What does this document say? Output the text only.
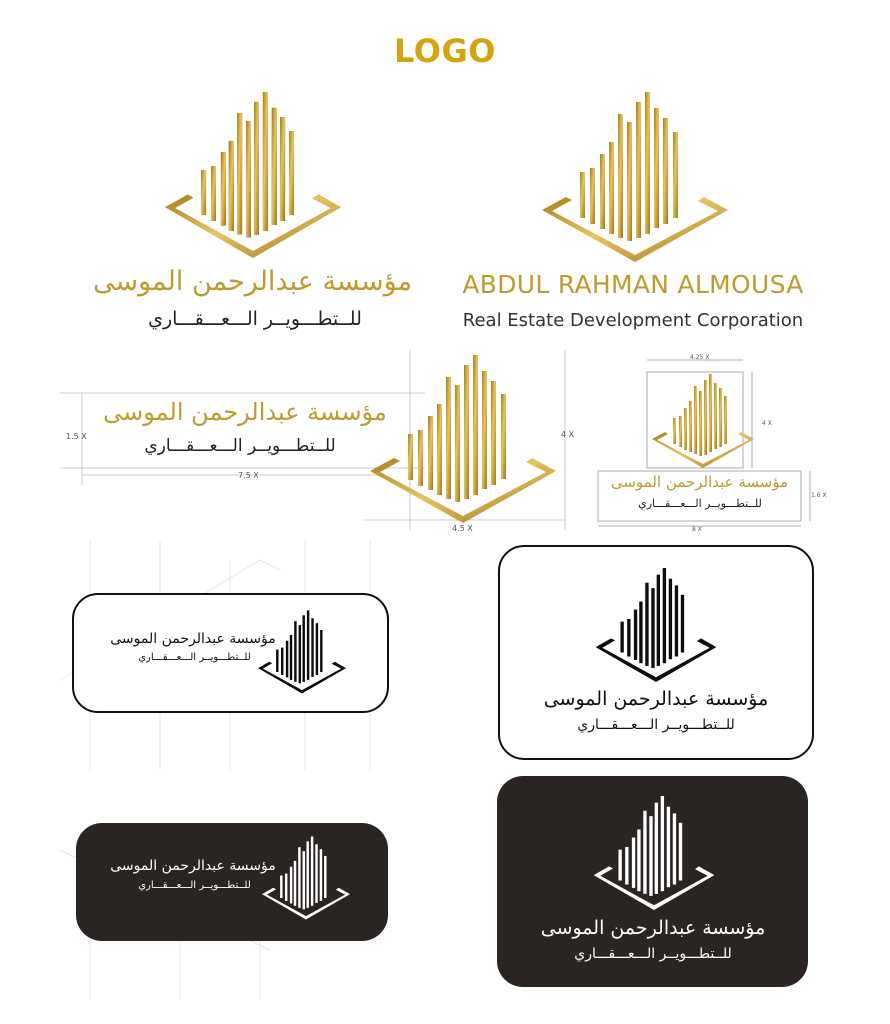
LOGO
مؤسسة عبدالرحمن الموسى
للــتطـــويــر الـــعـــقـــاري
ABDUL RAHMAN ALMOUSA
Real Estate Development Corporation
1.5 X
7.5 X
4.5 X
4 X
مؤسسة عبدالرحمن الموسى
للــتطـــويــر الـــعـــقـــاري
4.25 X
4 X
1.6 X
8 X
مؤسسة عبدالرحمن الموسى
للــتطـــويــر الـــعـــقـــاري
مؤسسة عبدالرحمن الموسى
للــتطـــويــر الـــعـــقـــاري
مؤسسة عبدالرحمن الموسى
للــتطـــويــر الـــعـــقـــاري
مؤسسة عبدالرحمن الموسى
للــتطـــويــر الـــعـــقـــاري
مؤسسة عبدالرحمن الموسى
للــتطـــويــر الـــعـــقـــاري
